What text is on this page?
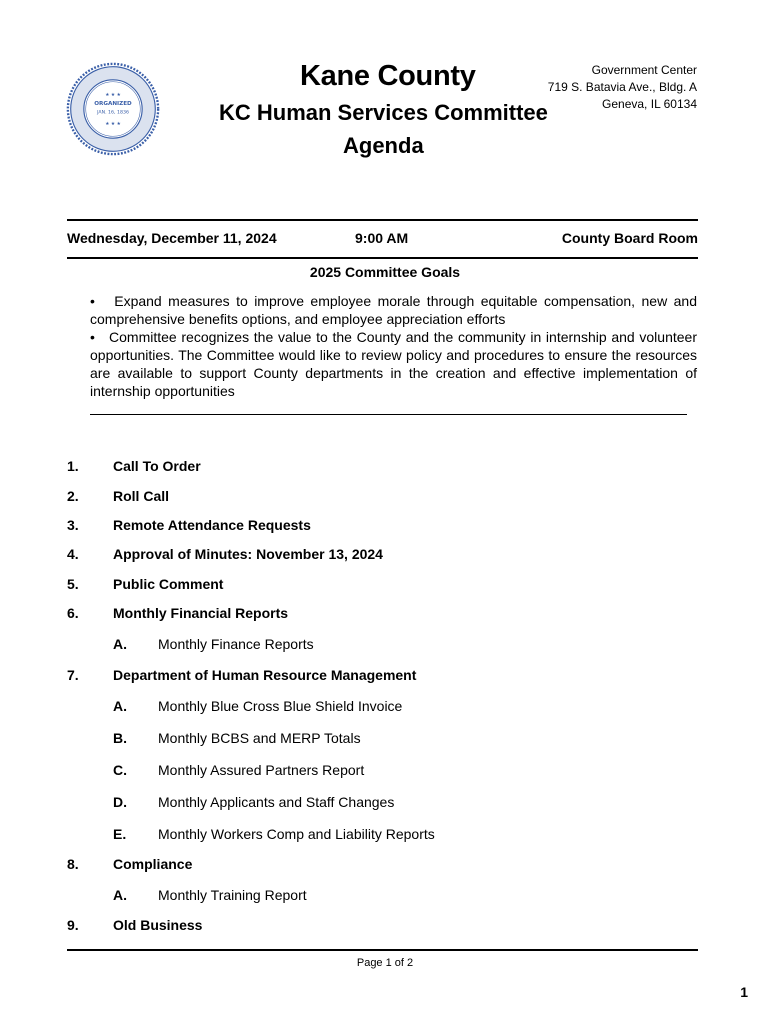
ORGANIZED
JAN. 16, 1836
★ ★ ★
★ ★ ★
Kane County
KC Human Services Committee
Agenda
Government Center
719 S. Batavia Ave., Bldg. A
Geneva, IL 60134
Wednesday, December 11, 2024	9:00 AM	County Board Room
2025 Committee Goals

•   Expand measures to improve employee morale through equitable compensation, new and comprehensive benefits options, and employee appreciation efforts

•   Committee recognizes the value to the County and the community in internship and volunteer opportunities. The Committee would like to review policy and procedures to ensure the resources are available to support County departments in the creation and effective implementation of internship opportunities

1. Call To Order
2. Roll Call
3. Remote Attendance Requests
4. Approval of Minutes: November 13, 2024
5. Public Comment
6. Monthly Financial Reports
A. Monthly Finance Reports
7. Department of Human Resource Management
A. Monthly Blue Cross Blue Shield Invoice
B. Monthly BCBS and MERP Totals
C. Monthly Assured Partners Report
D. Monthly Applicants and Staff Changes
E. Monthly Workers Comp and Liability Reports
8. Compliance
A. Monthly Training Report
9. Old Business
Page 1 of 2
1
